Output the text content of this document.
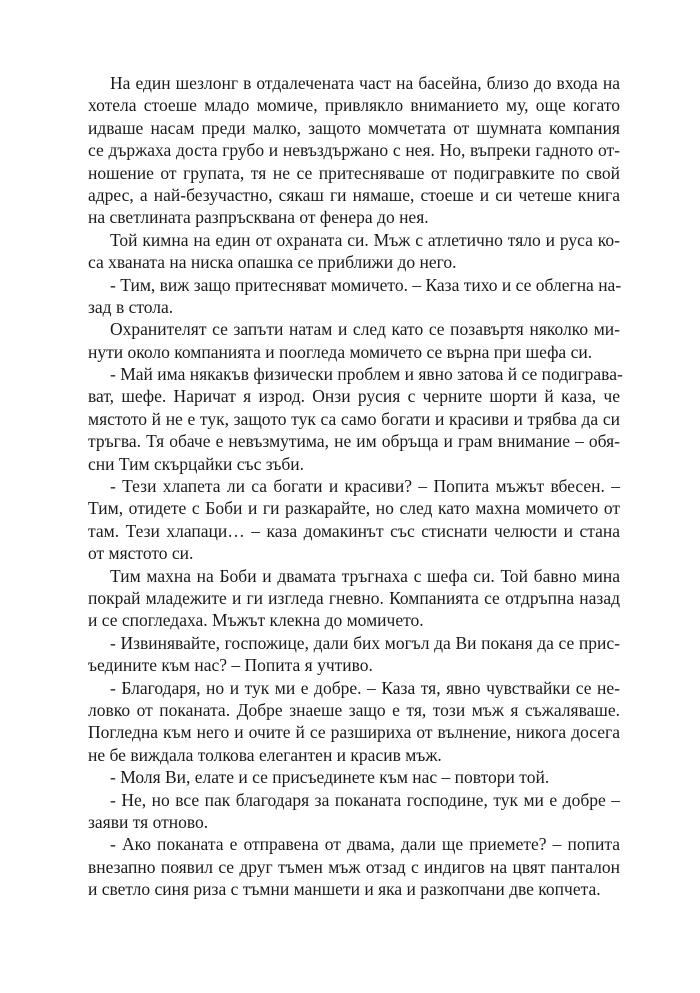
На един шезлонг в отдалечената част на басейна, близо до входа на
хотела стоеше младо момиче, привлякло вниманието му, още когато
идваше насам преди малко, защото момчетата от шумната компания
се държаха доста грубо и невъздържано с нея. Но, въпреки гадното от-
ношение от групата, тя не се притесняваше от подигравките по свой
адрес, а най-безучастно, сякаш ги нямаше, стоеше и си четеше книга
на светлината разпръсквана от фенера до нея.
Той кимна на един от охраната си. Мъж с атлетично тяло и руса ко-
са хваната на ниска опашка се приближи до него.
- Тим, виж защо притесняват момичето. – Каза тихо и се облегна на-
зад в стола.
Охранителят се запъти натам и след като се позавъртя няколко ми-
нути около компанията и поогледа момичето се върна при шефа си.
- Май има някакъв физически проблем и явно затова й се подиграва-
ват, шефе. Наричат я изрод. Онзи русия с черните шорти й каза, че
мястото й не е тук, защото тук са само богати и красиви и трябва да си
тръгва. Тя обаче е невъзмутима, не им обръща и грам внимание – обя-
сни Тим скърцайки със зъби.
- Тези хлапета ли са богати и красиви? – Попита мъжът вбесен. –
Тим, отидете с Боби и ги разкарайте, но след като махна момичето от
там. Тези хлапаци… – каза домакинът със стиснати челюсти и стана
от мястото си.
Тим махна на Боби и двамата тръгнаха с шефа си. Той бавно мина
покрай младежите и ги изгледа гневно. Компанията се отдръпна назад
и се спогледаха. Мъжът клекна до момичето.
- Извинявайте, госпожице, дали бих могъл да Ви поканя да се прис-
ъедините към нас? – Попита я учтиво.
- Благодаря, но и тук ми е добре. – Каза тя, явно чувствайки се не-
ловко от поканата. Добре знаеше защо е тя, този мъж я съжаляваше.
Погледна към него и очите й се разшириха от вълнение, никога досега
не бе виждала толкова елегантен и красив мъж.
- Моля Ви, елате и се присъединете към нас – повтори той.
- Не, но все пак благодаря за поканата господине, тук ми е добре –
заяви тя отново.
- Ако поканата е отправена от двама, дали ще приемете? – попита
внезапно появил се друг тъмен мъж отзад с индигов на цвят панталон
и светло синя риза с тъмни маншети и яка и разкопчани две копчета.
